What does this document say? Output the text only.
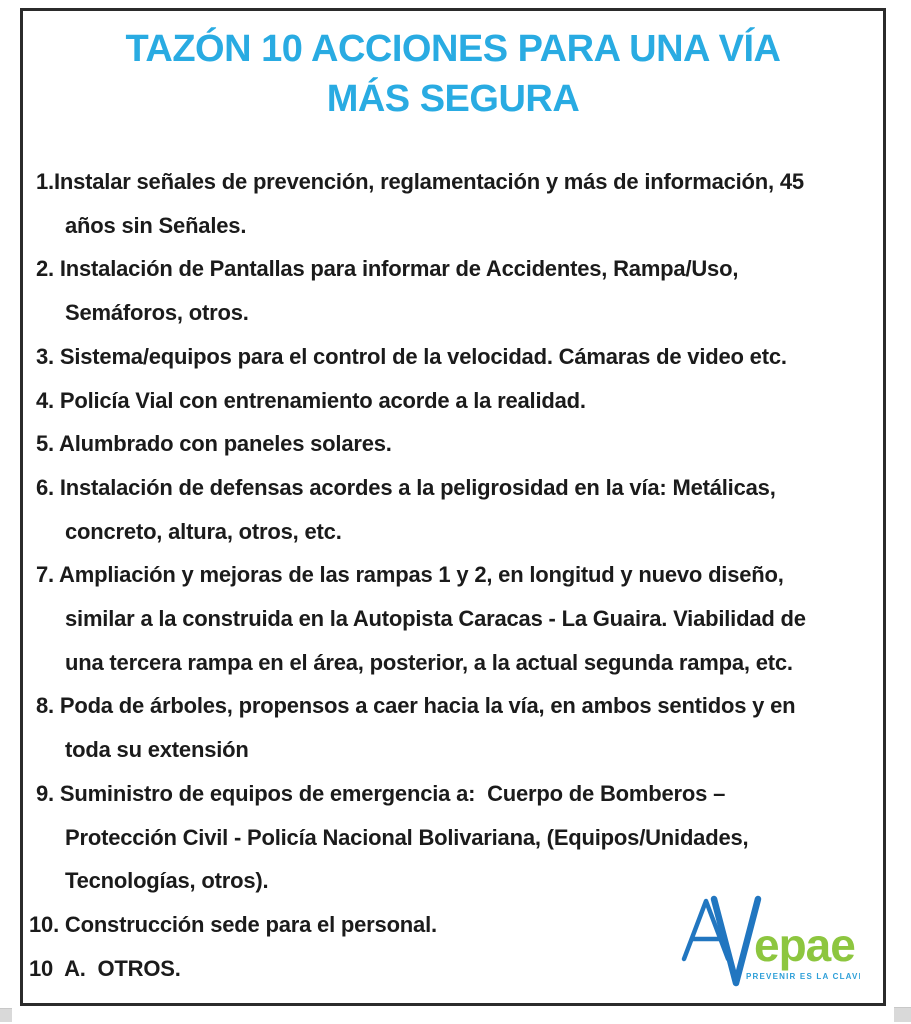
TAZÓN 10 ACCIONES PARA UNA VÍA
MÁS SEGURA
1.Instalar señales de prevención, reglamentación y más de información, 45
años sin Señales.
2. Instalación de Pantallas para informar de Accidentes, Rampa/Uso,
Semáforos, otros.
3. Sistema/equipos para el control de la velocidad. Cámaras de video etc.
4. Policía Vial con entrenamiento acorde a la realidad.
5. Alumbrado con paneles solares.
6. Instalación de defensas acordes a la peligrosidad en la vía: Metálicas,
concreto, altura, otros, etc.
7. Ampliación y mejoras de las rampas 1 y 2, en longitud y nuevo diseño,
similar a la construida en la Autopista Caracas - La Guaira. Viabilidad de
una tercera rampa en el área, posterior, a la actual segunda rampa, etc.
8. Poda de árboles, propensos a caer hacia la vía, en ambos sentidos y en
toda su extensión
9. Suministro de equipos de emergencia a:  Cuerpo de Bomberos –
Protección Civil - Policía Nacional Bolivariana, (Equipos/Unidades,
Tecnologías, otros).
10. Construcción sede para el personal.
10  A.  OTROS.	epae
PREVENIR ES LA CLAVE
